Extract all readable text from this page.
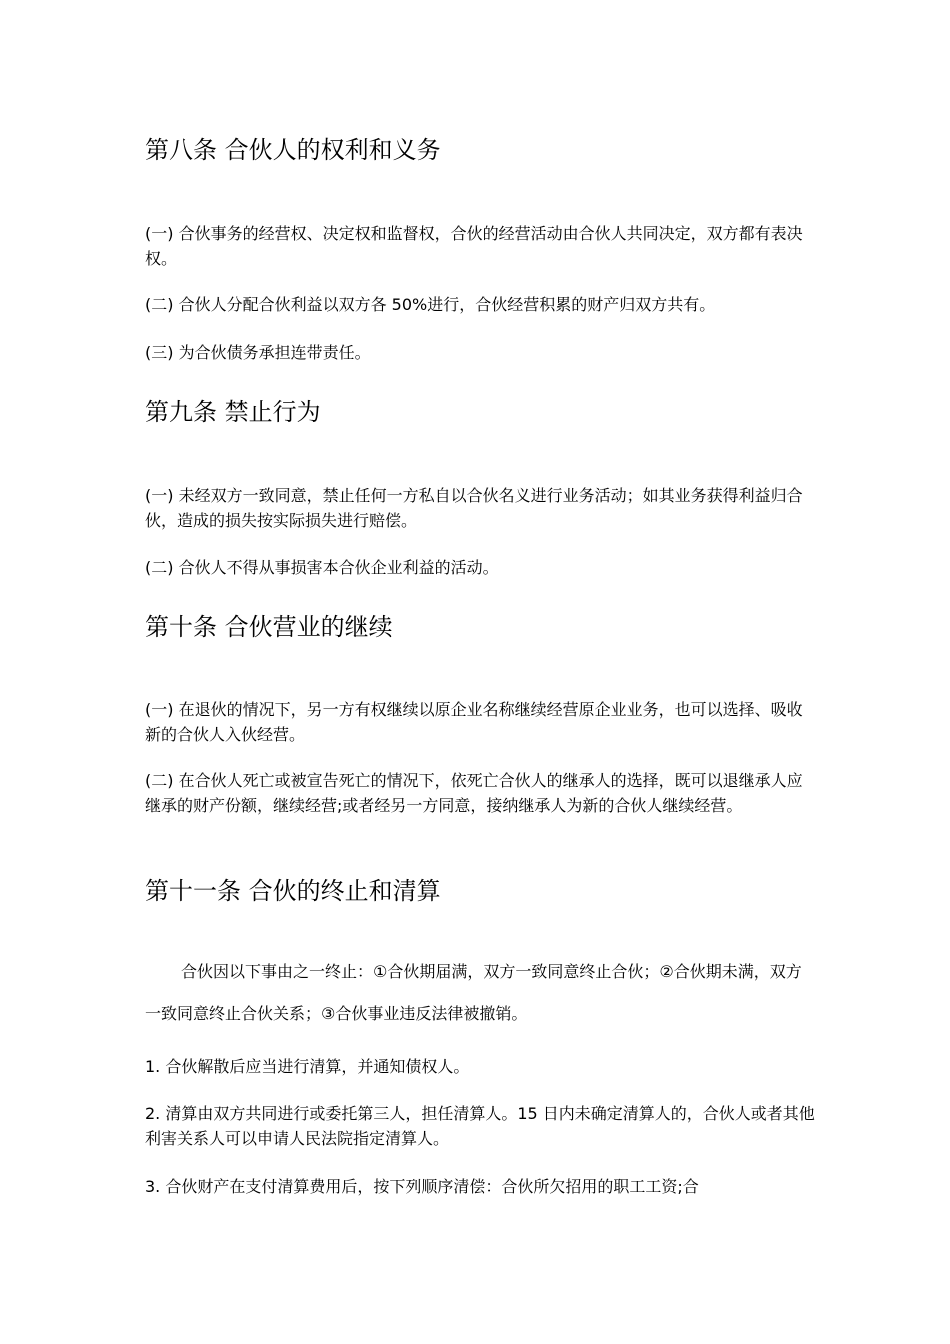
第八条 合伙人的权利和义务

(一) 合伙事务的经营权、决定权和监督权，合伙的经营活动由合伙人共同决定，双方都有表决权。

(二) 合伙人分配合伙利益以双方各 50%进行，合伙经营积累的财产归双方共有。

(三) 为合伙债务承担连带责任。

第九条 禁止行为

(一) 未经双方一致同意，禁止任何一方私自以合伙名义进行业务活动；如其业务获得利益归合伙，造成的损失按实际损失进行赔偿。

(二) 合伙人不得从事损害本合伙企业利益的活动。

第十条 合伙营业的继续

(一) 在退伙的情况下，另一方有权继续以原企业名称继续经营原企业业务，也可以选择、吸收新的合伙人入伙经营。

(二) 在合伙人死亡或被宣告死亡的情况下，依死亡合伙人的继承人的选择，既可以退继承人应继承的财产份额，继续经营;或者经另一方同意，接纳继承人为新的合伙人继续经营。

第十一条 合伙的终止和清算

合伙因以下事由之一终止：①合伙期届满，双方一致同意终止合伙；②合伙期未满，双方一致同意终止合伙关系；③合伙事业违反法律被撤销。

1. 合伙解散后应当进行清算，并通知债权人。

2. 清算由双方共同进行或委托第三人，担任清算人。15 日内未确定清算人的，合伙人或者其他利害关系人可以申请人民法院指定清算人。

3. 合伙财产在支付清算费用后，按下列顺序清偿：合伙所欠招用的职工工资;合
